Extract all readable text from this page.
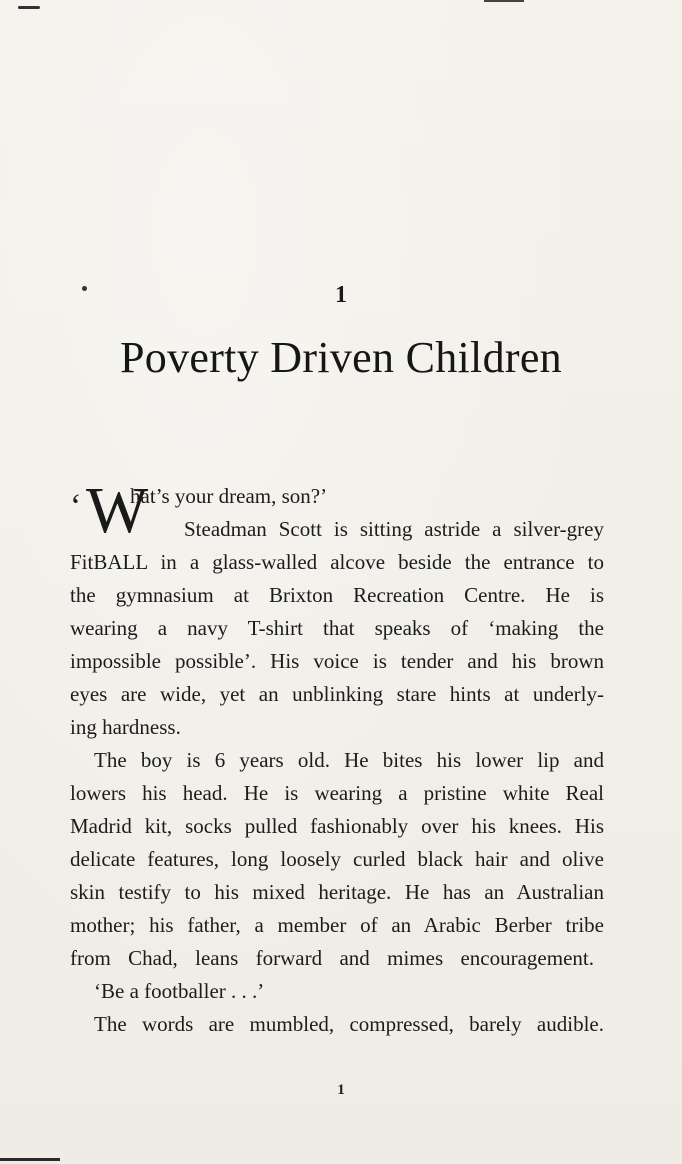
1
Poverty Driven Children
‘ W
hat’s your dream, son?’
Steadman Scott is sitting astride a silver-grey
FitBALL in a glass-walled alcove beside the entrance to
the gymnasium at Brixton Recreation Centre. He is
wearing a navy T-shirt that speaks of ‘making the
impossible possible’. His voice is tender and his brown
eyes are wide, yet an unblinking stare hints at underly-
ing hardness.
The boy is 6 years old. He bites his lower lip and
lowers his head. He is wearing a pristine white Real
Madrid kit, socks pulled fashionably over his knees. His
delicate features, long loosely curled black hair and olive
skin testify to his mixed heritage. He has an Australian
mother; his father, a member of an Arabic Berber tribe
from Chad, leans forward and mimes encouragement.
‘Be a footballer . . .’
The words are mumbled, compressed, barely audible.
1
